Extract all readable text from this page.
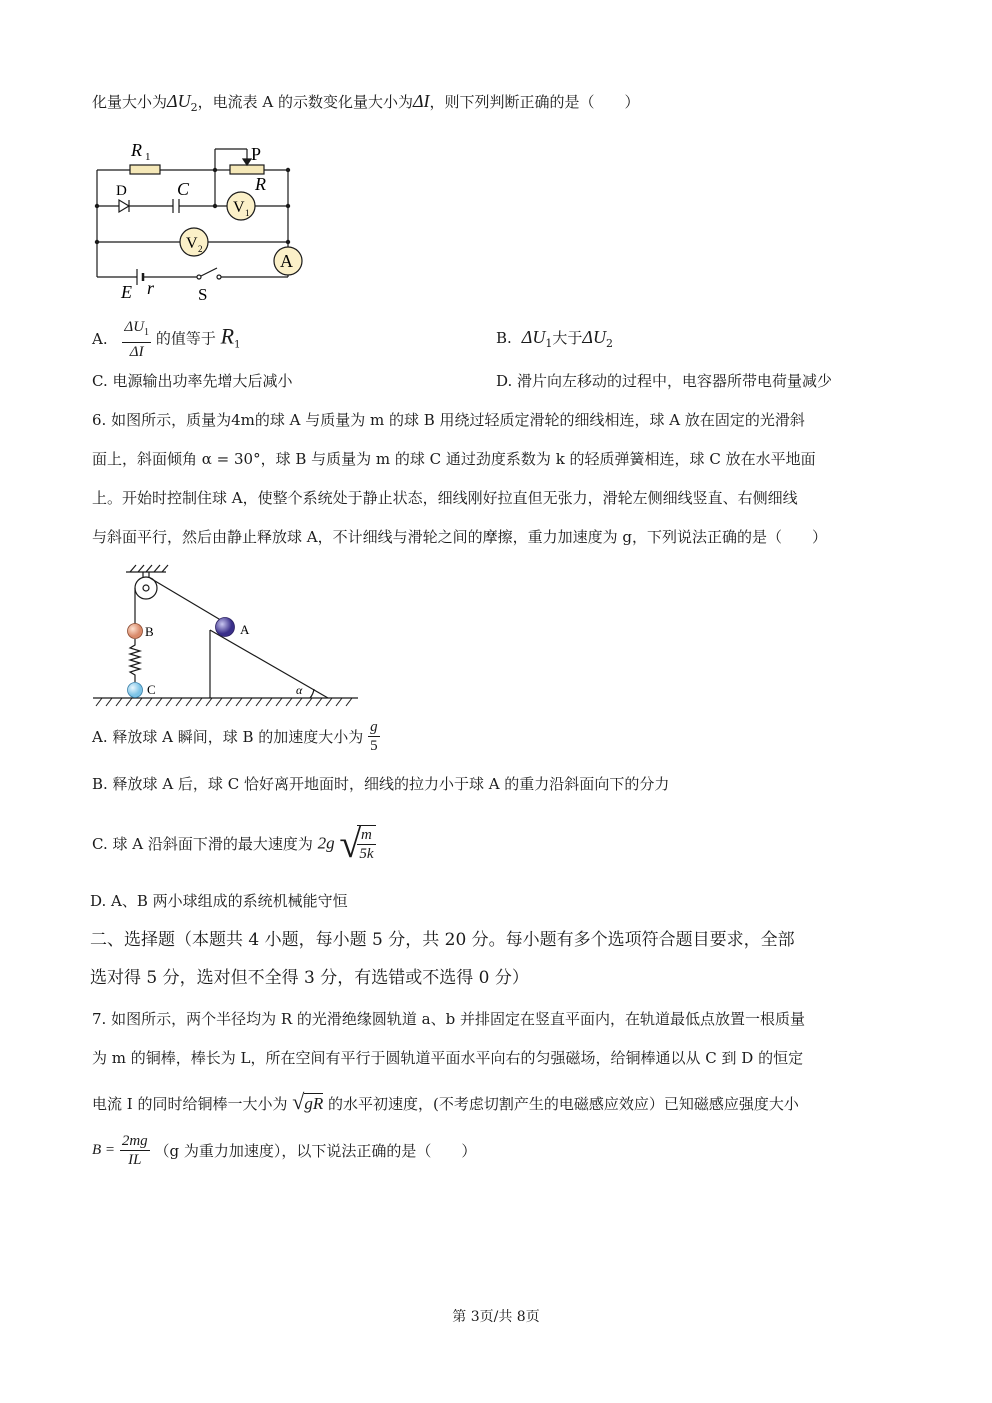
化量大小为$\Delta U_2$，电流表 A 的示数变化量大小为ΔI，则下列判断正确的是（　　）
R 1	P
R
D	C
V 1
V 2
A
E r	S
A. $\frac{\Delta U_1}{\Delta I}$ 的值等于 $R_1$	B. $\Delta U_1$大于$\Delta U_2$
C. 电源输出功率先增大后减小	D. 滑片向左移动的过程中，电容器所带电荷量减少
6. 如图所示，质量为4m的球 A 与质量为 m 的球 B 用绕过轻质定滑轮的细线相连，球 A 放在固定的光滑斜
面上，斜面倾角 α = 30°，球 B 与质量为 m 的球 C 通过劲度系数为 k 的轻质弹簧相连，球 C 放在水平地面
上。开始时控制住球 A，使整个系统处于静止状态，细线刚好拉直但无张力，滑轮左侧细线竖直、右侧细线
与斜面平行，然后由静止释放球 A，不计细线与滑轮之间的摩擦，重力加速度为 g，下列说法正确的是（　　）
B
C
A
α
A. 释放球 A 瞬间，球 B 的加速度大小为 $\frac{g}{5}$
B. 释放球 A 后，球 C 恰好离开地面时，细线的拉力小于球 A 的重力沿斜面向下的分力
C. 球 A 沿斜面下滑的最大速度为 2g √
$\frac{m}{5k}$
D. A、B 两小球组成的系统机械能守恒
二、选择题（本题共 4 小题，每小题 5 分，共 20 分。每小题有多个选项符合题目要求，全部
选对得 5 分，选对但不全得 3 分，有选错或不选得 0 分）
7. 如图所示，两个半径均为 R 的光滑绝缘圆轨道 a、b 并排固定在竖直平面内，在轨道最低点放置一根质量
为 m 的铜棒，棒长为 L，所在空间有平行于圆轨道平面水平向右的匀强磁场，给铜棒通以从 C 到 D 的恒定
电流 I 的同时给铜棒一大小为 √gR 的水平初速度，(不考虑切割产生的电磁感应效应）已知磁感应强度大小
$B = \frac{2mg}{IL} (g$ 为重力加速度），以下说法正确的是（　　）
第 3页/共 8页
